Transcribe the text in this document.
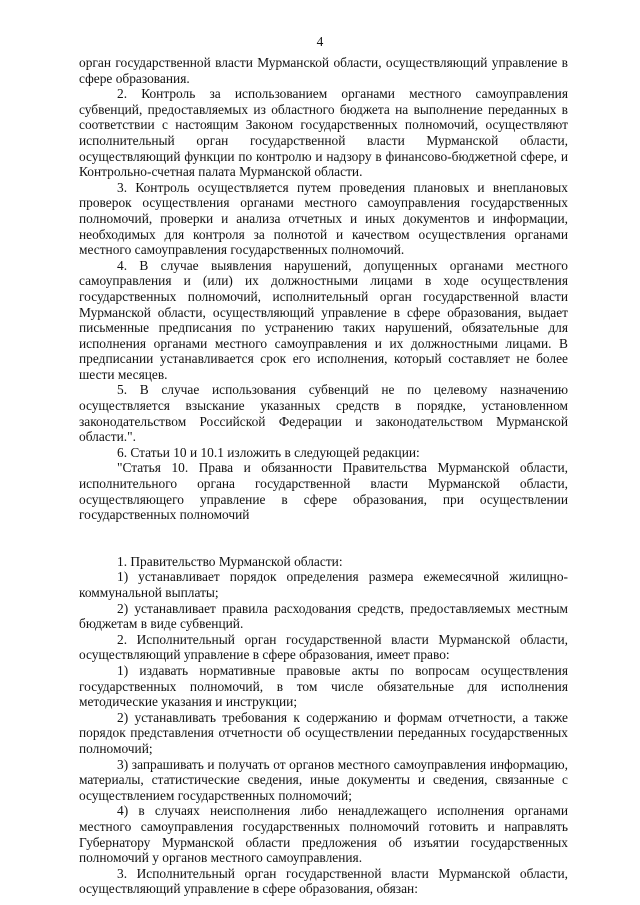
4

орган государственной власти Мурманской области, осуществляющий управление в сфере образования.

2. Контроль за использованием органами местного самоуправления субвенций, предоставляемых из областного бюджета на выполнение переданных в соответствии с настоящим Законом государственных полномочий, осуществляют исполнительный орган государственной власти Мурманской области, осуществляющий функции по контролю и надзору в финансово-бюджетной сфере, и Контрольно-счетная палата Мурманской области.

3. Контроль осуществляется путем проведения плановых и внеплановых проверок осуществления органами местного самоуправления государственных полномочий, проверки и анализа отчетных и иных документов и информации, необходимых для контроля за полнотой и качеством осуществления органами местного самоуправления государственных полномочий.

4. В случае выявления нарушений, допущенных органами местного самоуправления и (или) их должностными лицами в ходе осуществления государственных полномочий, исполнительный орган государственной власти Мурманской области, осуществляющий управление в сфере образования, выдает письменные предписания по устранению таких нарушений, обязательные для исполнения органами местного самоуправления и их должностными лицами. В предписании устанавливается срок его исполнения, который составляет не более шести месяцев.

5. В случае использования субвенций не по целевому назначению осуществляется взыскание указанных средств в порядке, установленном законодательством Российской Федерации и законодательством Мурманской области.".

6. Статьи 10 и 10.1 изложить в следующей редакции:

"Статья 10. Права и обязанности Правительства Мурманской области, исполнительного органа государственной власти Мурманской области, осуществляющего управление в сфере образования, при осуществлении государственных полномочий

1. Правительство Мурманской области:

1) устанавливает порядок определения размера ежемесячной жилищно-коммунальной выплаты;

2) устанавливает правила расходования средств, предоставляемых местным бюджетам в виде субвенций.

2. Исполнительный орган государственной власти Мурманской области, осуществляющий управление в сфере образования, имеет право:

1) издавать нормативные правовые акты по вопросам осуществления государственных полномочий, в том числе обязательные для исполнения методические указания и инструкции;

2) устанавливать требования к содержанию и формам отчетности, а также порядок представления отчетности об осуществлении переданных государственных полномочий;

3) запрашивать и получать от органов местного самоуправления информацию, материалы, статистические сведения, иные документы и сведения, связанные с осуществлением государственных полномочий;

4) в случаях неисполнения либо ненадлежащего исполнения органами местного самоуправления государственных полномочий готовить и направлять Губернатору Мурманской области предложения об изъятии государственных полномочий у органов местного самоуправления.

3. Исполнительный орган государственной власти Мурманской области, осуществляющий управление в сфере образования, обязан:
